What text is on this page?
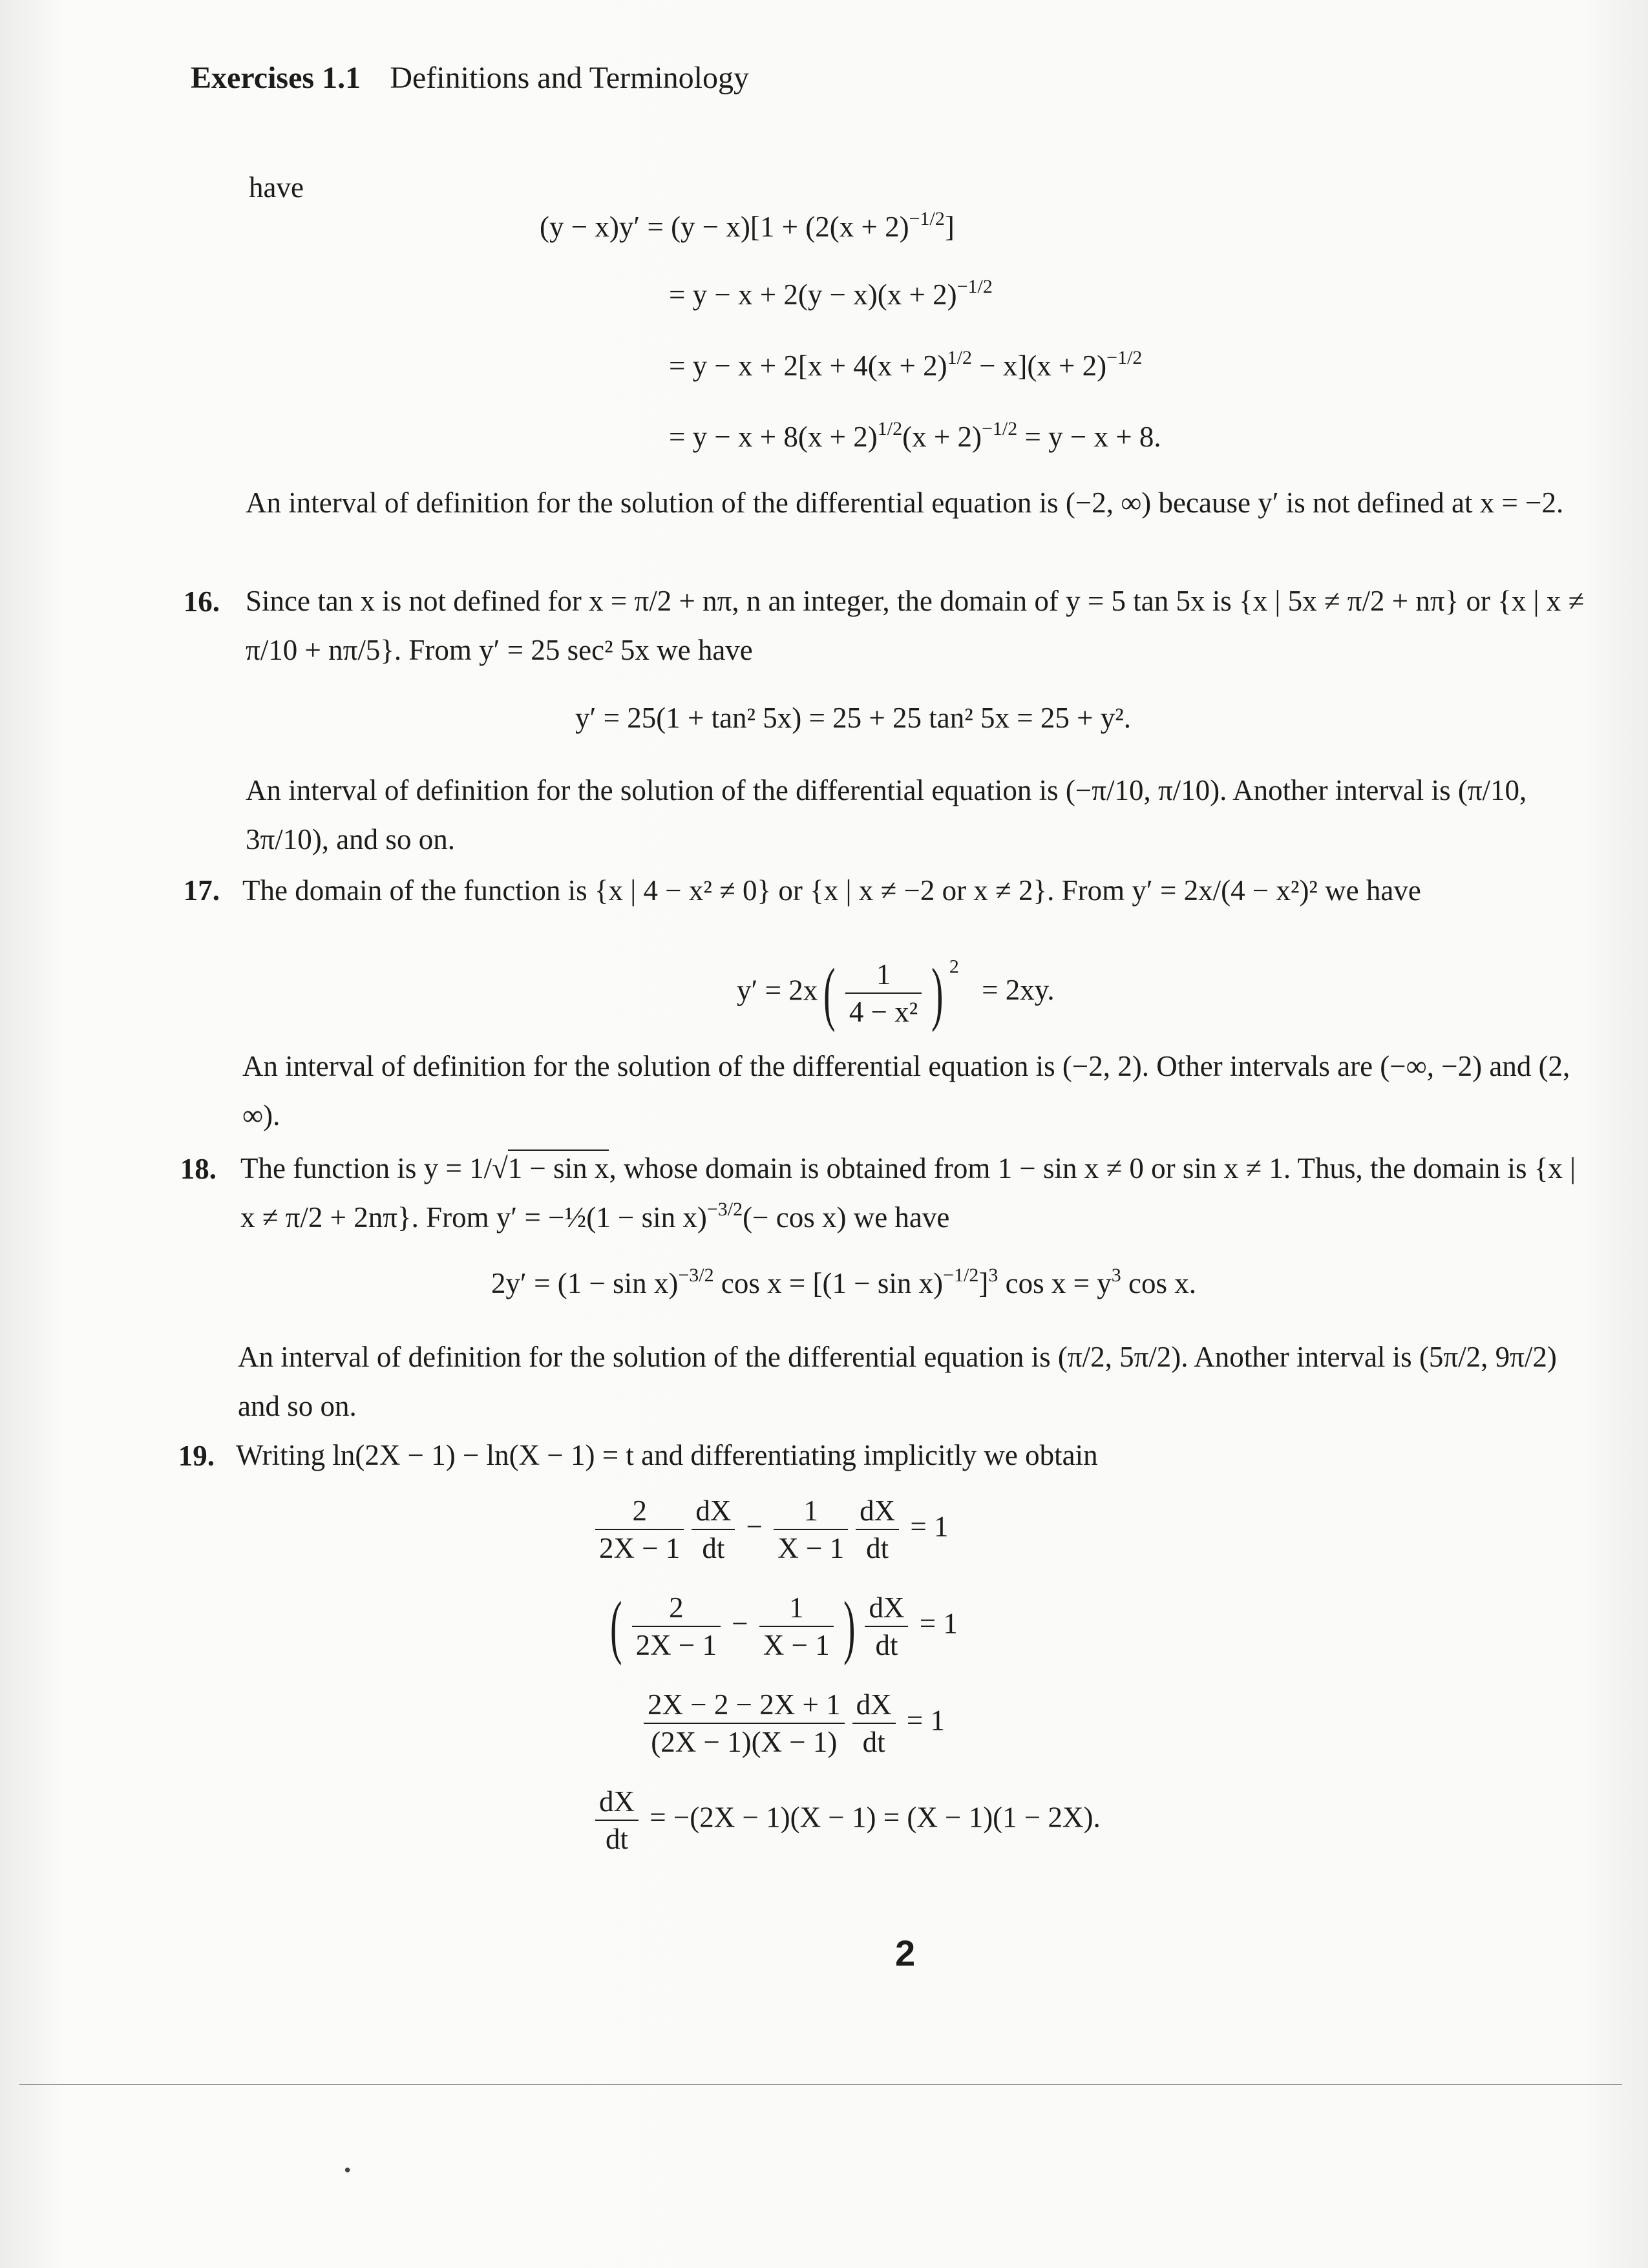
Exercises 1.1 Definitions and Terminology
have
$(y - x)y' = (y - x)[1 + (2(x + 2)^{-1/2}]$
= $y - x + 2(y - x)(x + 2)^{-1/2}$
= $y - x + 2[x + 4(x + 2)^{1/2} - x](x + 2)^{-1/2}$
= $y - x + 8(x + 2)^{1/2}(x + 2)^{-1/2} = y - x + 8$.
An interval of definition for the solution of the differential equation is (−2, ∞) because y′ is not defined at x = −2.
16. Since tan x is not defined for x = π/2 + nπ, n an integer, the domain of y = 5 tan 5x is {x | 5x ≠ π/2 + nπ} or {x | x ≠ π/10 + nπ/5}. From y′ = 25 sec² 5x we have
y′ = 25(1 + tan² 5x) = 25 + 25 tan² 5x = 25 + y².
An interval of definition for the solution of the differential equation is (−π/10, π/10). Another interval is (π/10, 3π/10), and so on.
17. The domain of the function is {x | 4 − x² ≠ 0} or {x | x ≠ −2 or x ≠ 2}. From y′ = 2x/(4 − x²)² we have
$y' = 2x( \frac{1}{\text{4 − x²}}$ ) $^2$ = 2xy.
An interval of definition for the solution of the differential equation is (−2, 2). Other intervals are (−∞, −2) and (2, ∞).
18. The function is y = 1/√1 − sin x, whose domain is obtained from 1 − sin x ≠ 0 or sin x ≠ 1. Thus, the domain is {x | x ≠ π/2 + 2nπ}. From y′ = −½(1 − sin x)$^{-3/2}$(− cos x) we have
$2y' = (1 - \sin x)^{-3/2}$ $\cos x = [(1 - \sin x)^{-1/2}]^3$ $\cos x = y^3$ cos x.
An interval of definition for the solution of the differential equation is (π/2, 5π/2). Another interval is (5π/2, 9π/2) and so on.
19. Writing ln(2X − 1) − ln(X − 1) = t and differentiating implicitly we obtain
$\frac{2}{2X - 1} \frac{dX}{dt} - \frac{1}{X - 1} \frac{dX}{dt} = 1$
( $\frac{2}{2X - 1} - \frac{1}{X - 1}$ ) $\frac{dX}{dt} = 1$
$\frac{2X - 2 - 2X + 1}{(2X - 1)(X - 1)} \frac{dX}{dt} = 1$
$\frac{dX}{dt} = -(2X - 1)(X - 1) = (X - 1)(1 - 2X)$.
2
•
